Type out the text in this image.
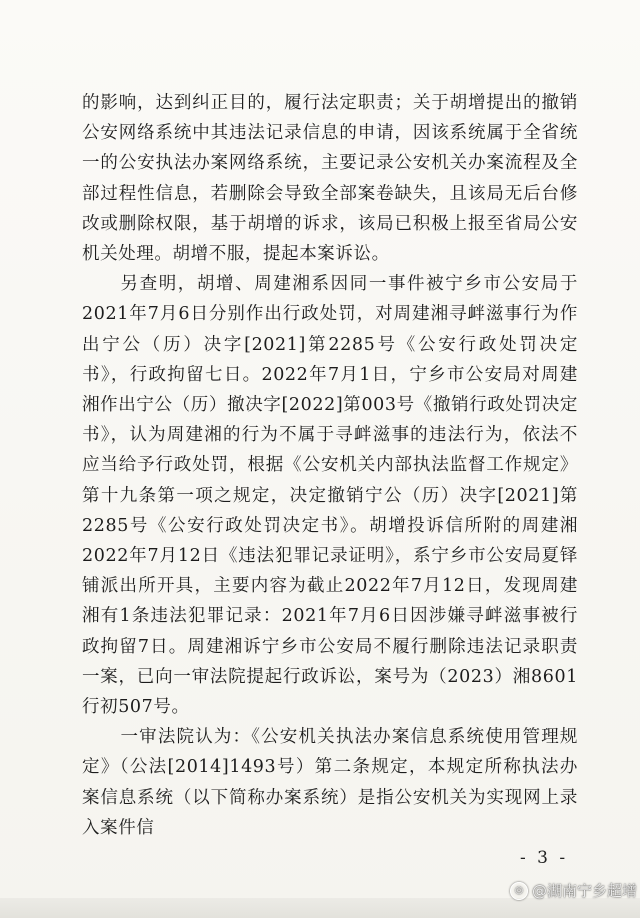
的影响，达到纠正目的，履行法定职责；关于胡增提出的撤销公安网络系统中其违法记录信息的申请，因该系统属于全省统一的公安执法办案网络系统，主要记录公安机关办案流程及全部过程性信息，若删除会导致全部案卷缺失，且该局无后台修改或删除权限，基于胡增的诉求，该局已积极上报至省局公安机关处理。胡增不服，提起本案诉讼。

另查明，胡增、周建湘系因同一事件被宁乡市公安局于2021年7月6日分别作出行政处罚，对周建湘寻衅滋事行为作出宁公（历）决字[2021]第2285号《公安行政处罚决定书》，行政拘留七日。2022年7月1日，宁乡市公安局对周建湘作出宁公（历）撤决字[2022]第003号《撤销行政处罚决定书》，认为周建湘的行为不属于寻衅滋事的违法行为，依法不应当给予行政处罚，根据《公安机关内部执法监督工作规定》第十九条第一项之规定，决定撤销宁公（历）决字[2021]第2285号《公安行政处罚决定书》。胡增投诉信所附的周建湘2022年7月12日《违法犯罪记录证明》，系宁乡市公安局夏铎铺派出所开具，主要内容为截止2022年7月12日，发现周建湘有1条违法犯罪记录：2021年7月6日因涉嫌寻衅滋事被行政拘留7日。周建湘诉宁乡市公安局不履行删除违法记录职责一案，已向一审法院提起行政诉讼，案号为（2023）湘8601行初507号。

一审法院认为：《公安机关执法办案信息系统使用管理规定》（公法[2014]1493号）第二条规定，本规定所称执法办案信息系统（以下简称办案系统）是指公安机关为实现网上录入案件信

- 3 -
◎ @湖南宁乡超增
